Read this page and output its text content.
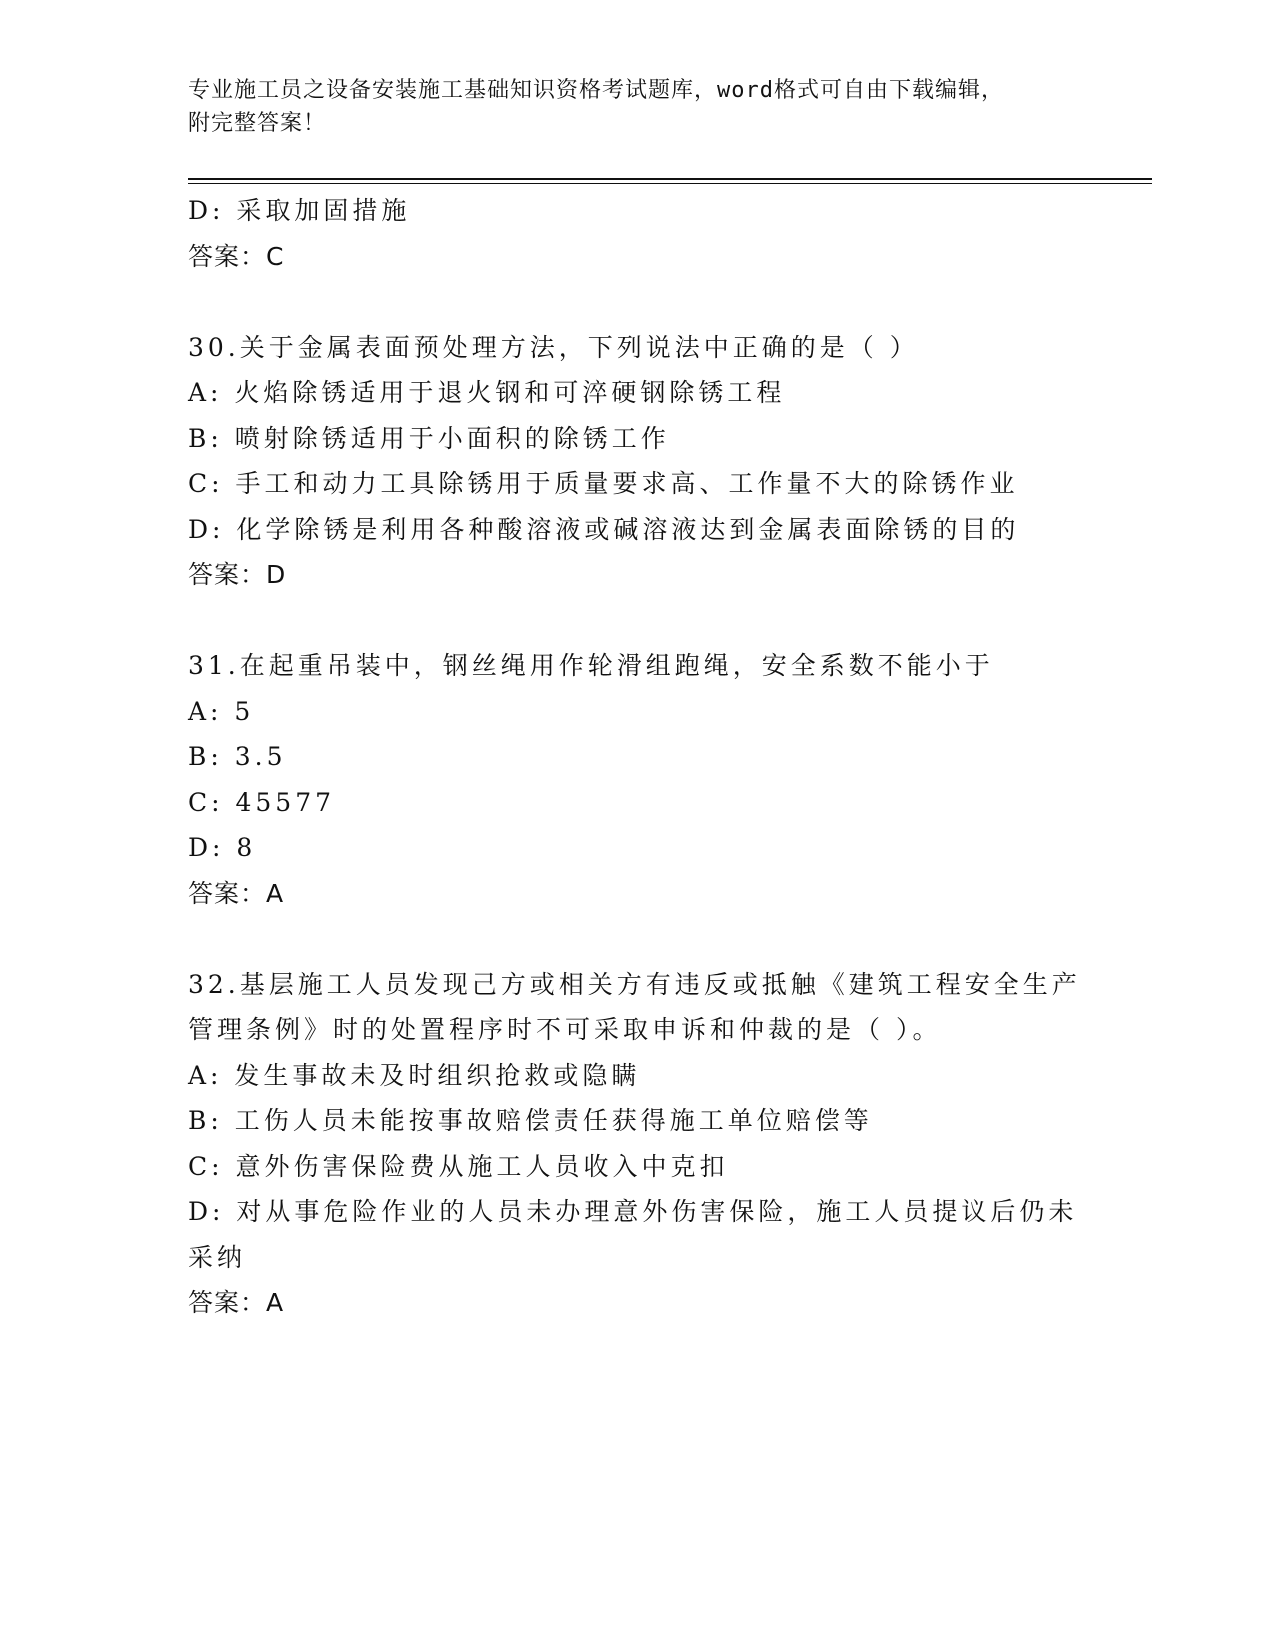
专业施工员之设备安装施工基础知识资格考试题库，word格式可自由下载编辑，
附完整答案！
D: 采取加固措施
答案：C
30.关于金属表面预处理方法，下列说法中正确的是（ ）
A: 火焰除锈适用于退火钢和可淬硬钢除锈工程
B: 喷射除锈适用于小面积的除锈工作
C: 手工和动力工具除锈用于质量要求高、工作量不大的除锈作业
D: 化学除锈是利用各种酸溶液或碱溶液达到金属表面除锈的目的
答案：D
31.在起重吊装中，钢丝绳用作轮滑组跑绳，安全系数不能小于
A: 5
B: 3.5
C: 45577
D: 8
答案：A
32.基层施工人员发现己方或相关方有违反或抵触《建筑工程安全生产
管理条例》时的处置程序时不可采取申诉和仲裁的是（ ）。
A: 发生事故未及时组织抢救或隐瞒
B: 工伤人员未能按事故赔偿责任获得施工单位赔偿等
C: 意外伤害保险费从施工人员收入中克扣
D: 对从事危险作业的人员未办理意外伤害保险，施工人员提议后仍未
采纳
答案：A
